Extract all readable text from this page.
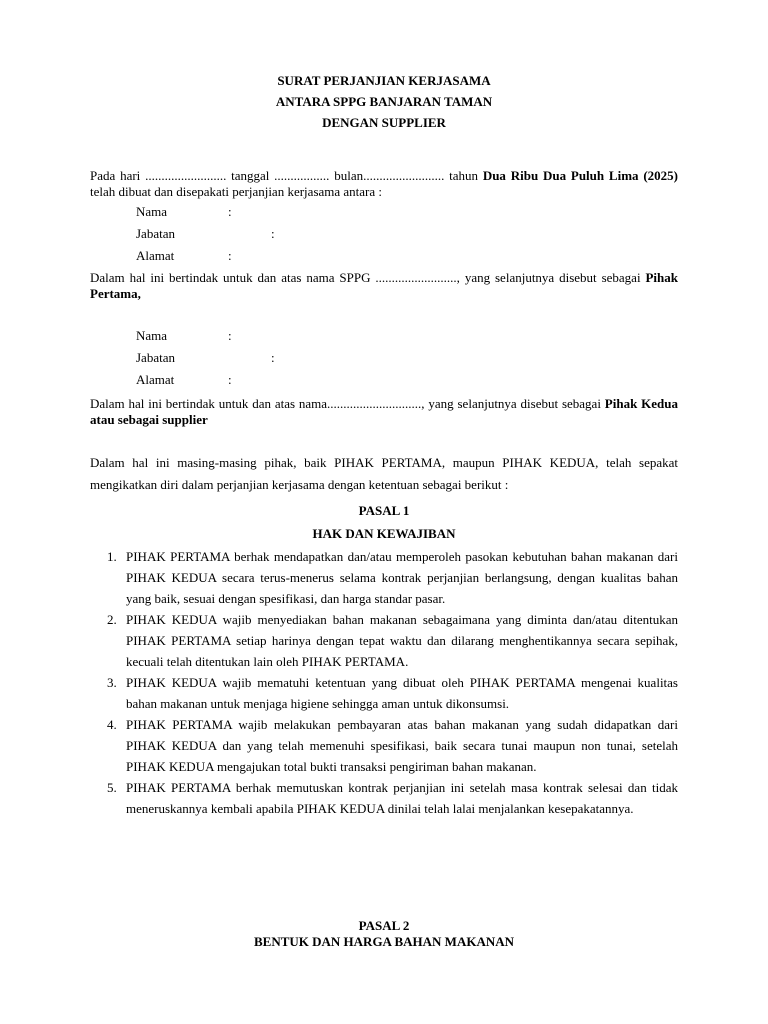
SURAT PERJANJIAN KERJASAMA

ANTARA SPPG BANJARAN TAMAN

DENGAN SUPPLIER

Pada hari ......................... tanggal ................. bulan......................... tahun Dua Ribu Dua Puluh Lima (2025) telah dibuat dan disepakati perjanjian kerjasama antara :

Nama	:
Jabatan	:
Alamat	:

Dalam hal ini bertindak untuk dan atas nama SPPG ........................., yang selanjutnya disebut sebagai Pihak Pertama,

Nama	:
Jabatan	:
Alamat	:

Dalam hal ini bertindak untuk dan atas nama............................., yang selanjutnya disebut sebagai Pihak Kedua atau sebagai supplier

Dalam hal ini masing-masing pihak, baik PIHAK PERTAMA, maupun PIHAK KEDUA, telah sepakat mengikatkan diri dalam perjanjian kerjasama dengan ketentuan sebagai berikut :

PASAL 1

HAK DAN KEWAJIBAN

1. PIHAK PERTAMA berhak mendapatkan dan/atau memperoleh pasokan kebutuhan bahan makanan dari PIHAK KEDUA secara terus-menerus selama kontrak perjanjian berlangsung, dengan kualitas bahan yang baik, sesuai dengan spesifikasi, dan harga standar pasar.
2. PIHAK KEDUA wajib menyediakan bahan makanan sebagaimana yang diminta dan/atau ditentukan PIHAK PERTAMA setiap harinya dengan tepat waktu dan dilarang menghentikannya secara sepihak, kecuali telah ditentukan lain oleh PIHAK PERTAMA.
3. PIHAK KEDUA wajib mematuhi ketentuan yang dibuat oleh PIHAK PERTAMA mengenai kualitas bahan makanan untuk menjaga higiene sehingga aman untuk dikonsumsi.
4. PIHAK PERTAMA wajib melakukan pembayaran atas bahan makanan yang sudah didapatkan dari PIHAK KEDUA dan yang telah memenuhi spesifikasi, baik secara tunai maupun non tunai, setelah PIHAK KEDUA mengajukan total bukti transaksi pengiriman bahan makanan.
5. PIHAK PERTAMA berhak memutuskan kontrak perjanjian ini setelah masa kontrak selesai dan tidak meneruskannya kembali apabila PIHAK KEDUA dinilai telah lalai menjalankan kesepakatannya.

PASAL 2

BENTUK DAN HARGA BAHAN MAKANAN
